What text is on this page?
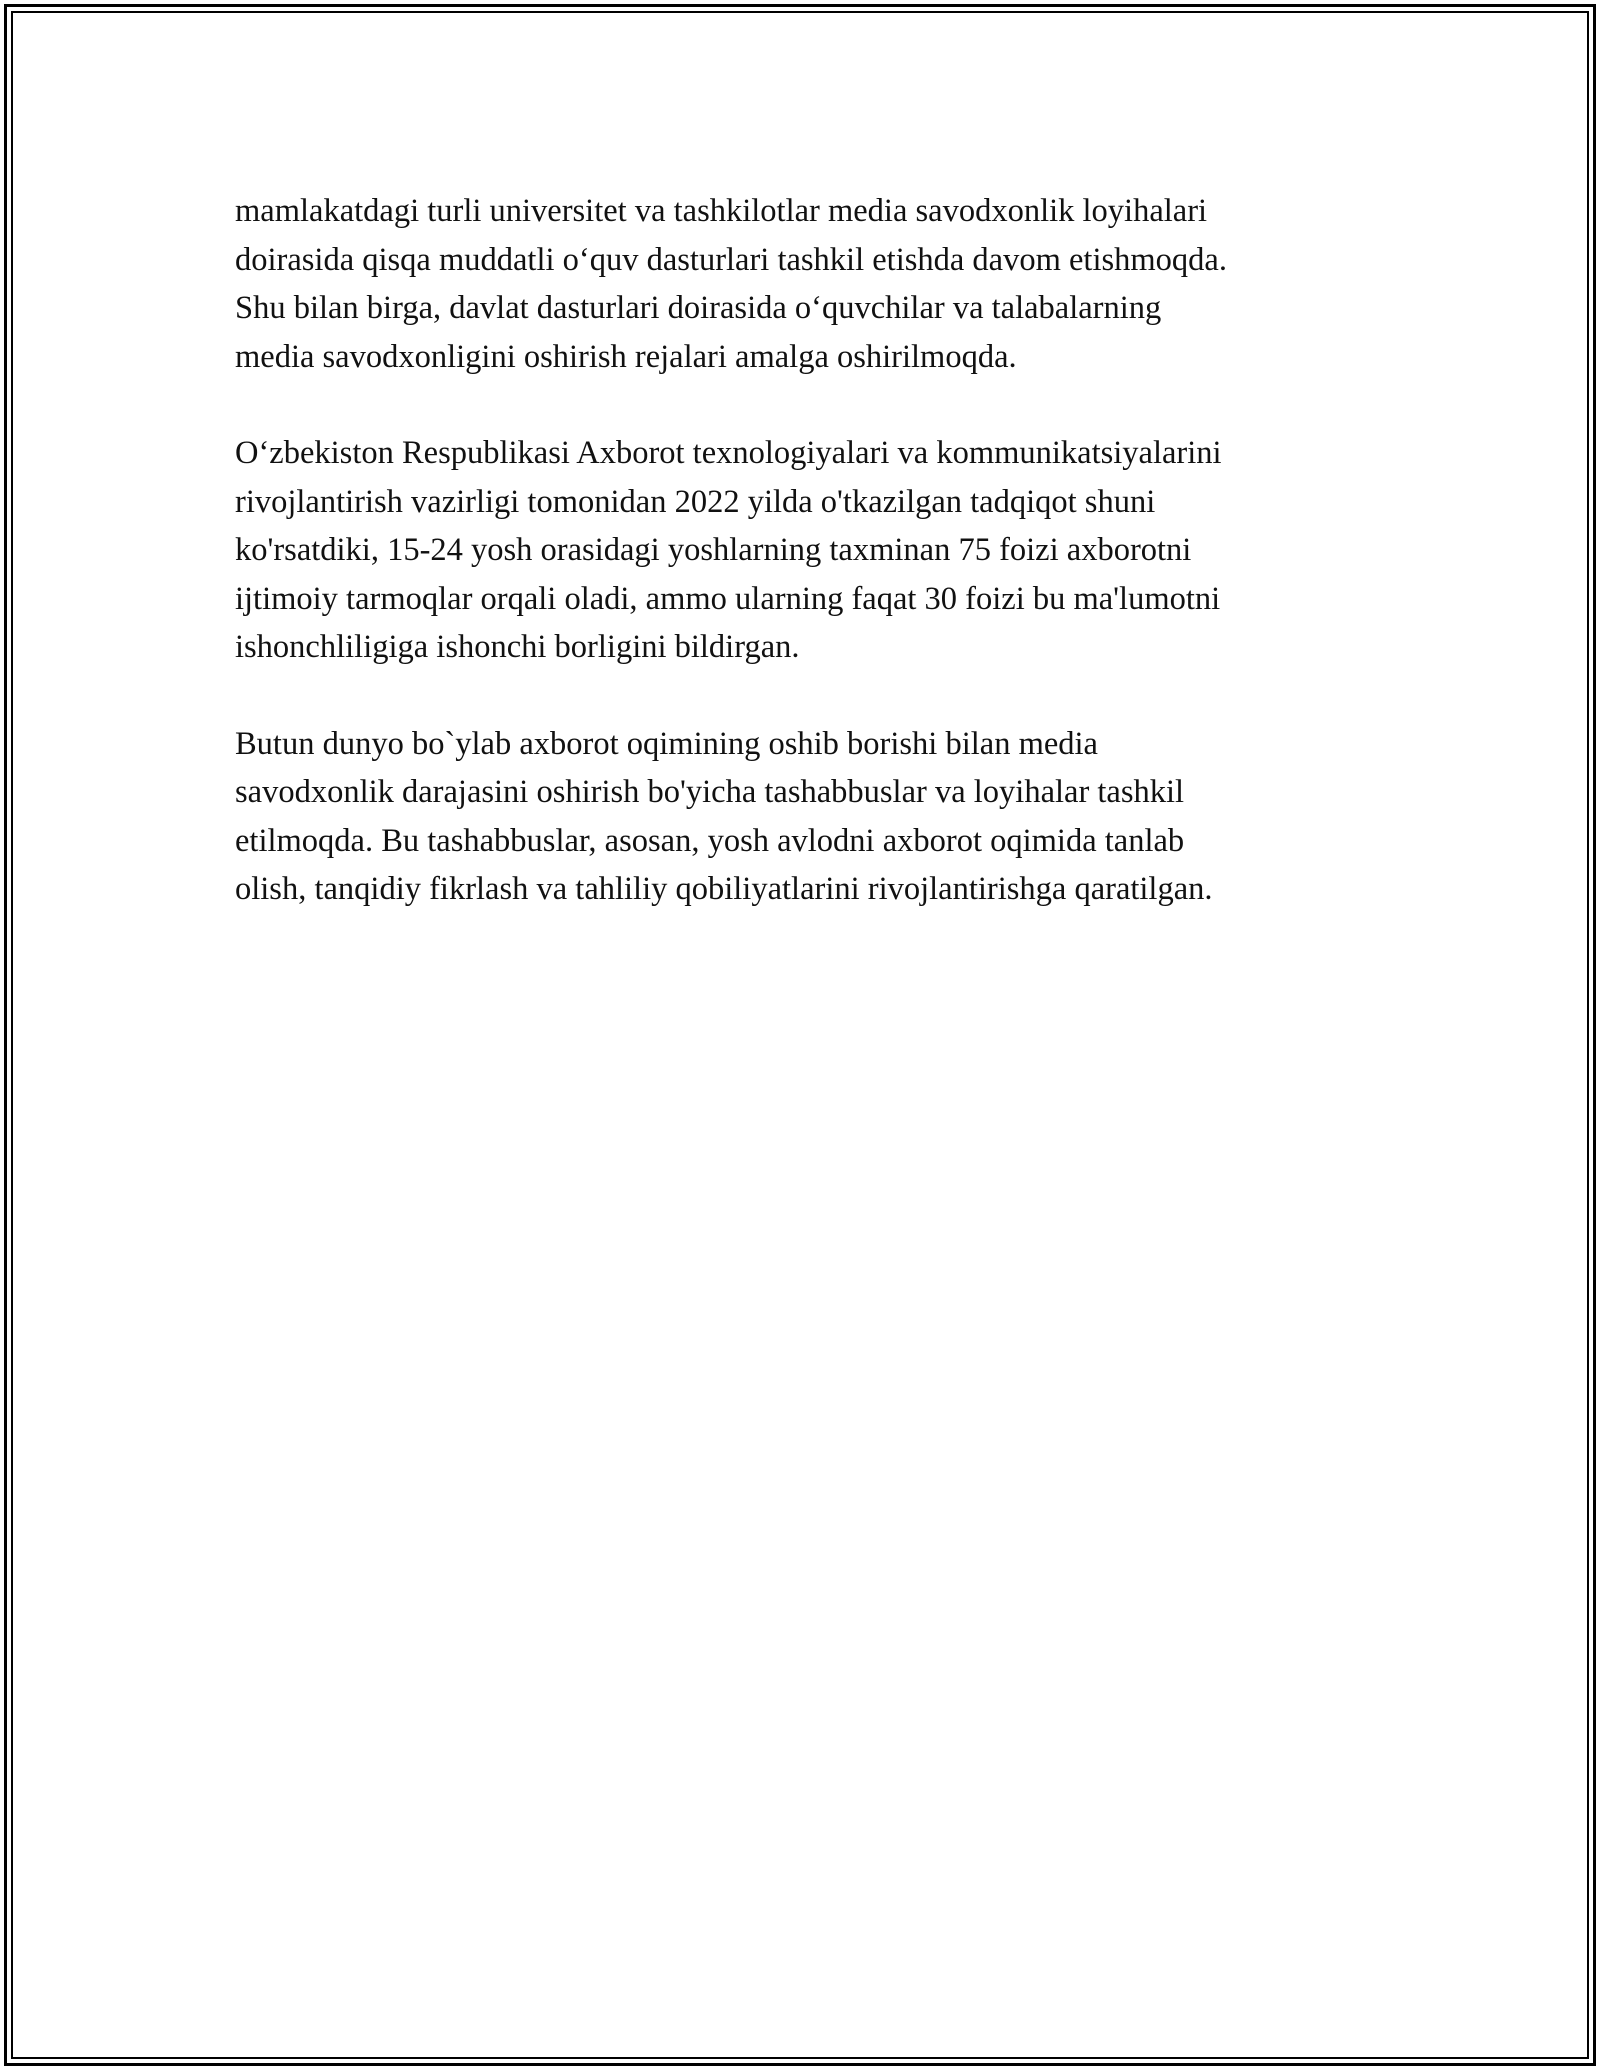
mamlakatdagi turli universitet va tashkilotlar media savodxonlik loyihalari
doirasida qisqa muddatli o‘quv dasturlari tashkil etishda davom etishmoqda.
Shu bilan birga, davlat dasturlari doirasida o‘quvchilar va talabalarning
media savodxonligini oshirish rejalari amalga oshirilmoqda.

O‘zbekiston Respublikasi Axborot texnologiyalari va kommunikatsiyalarini
rivojlantirish vazirligi tomonidan 2022 yilda o'tkazilgan tadqiqot shuni
ko'rsatdiki, 15-24 yosh orasidagi yoshlarning taxminan 75 foizi axborotni
ijtimoiy tarmoqlar orqali oladi, ammo ularning faqat 30 foizi bu ma'lumotni
ishonchliligiga ishonchi borligini bildirgan.

Butun dunyo bo`ylab axborot oqimining oshib borishi bilan media
savodxonlik darajasini oshirish bo'yicha tashabbuslar va loyihalar tashkil
etilmoqda. Bu tashabbuslar, asosan, yosh avlodni axborot oqimida tanlab
olish, tanqidiy fikrlash va tahliliy qobiliyatlarini rivojlantirishga qaratilgan.
